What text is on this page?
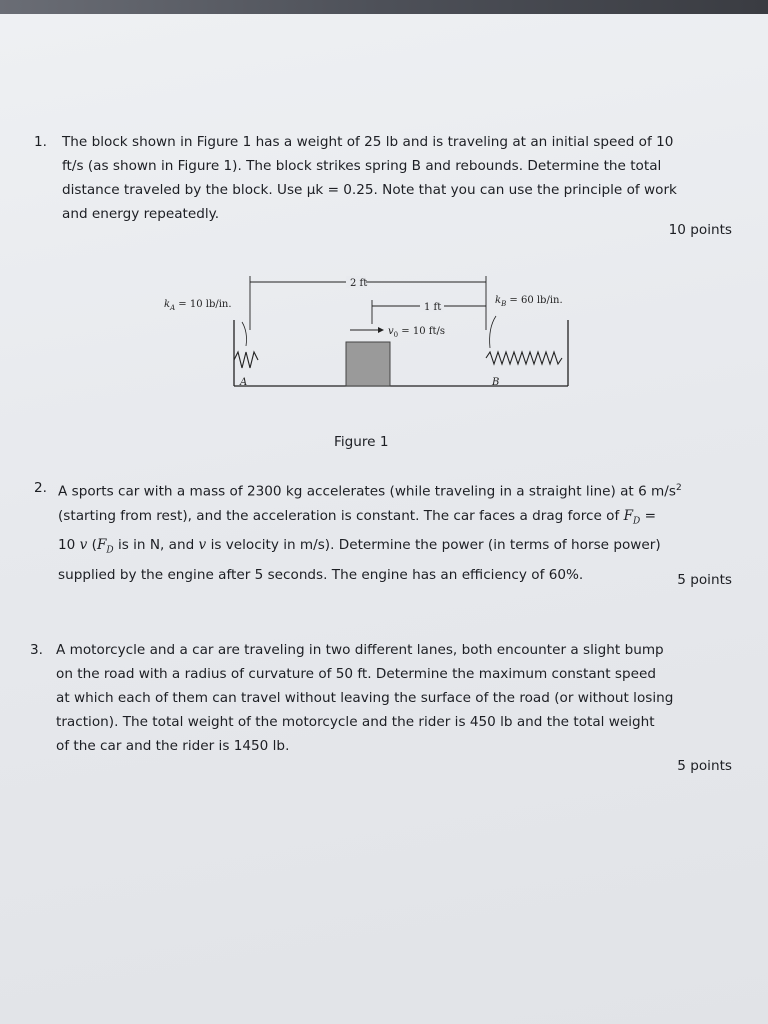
1. The block shown in Figure 1 has a weight of 25 lb and is traveling at an initial speed of 10
ft/s (as shown in Figure 1). The block strikes spring B and rebounds. Determine the total
distance traveled by the block. Use μk = 0.25. Note that you can use the principle of work
and energy repeatedly.
10 points
$k_A = 10$ lb/in.	$k_B = 60$ lb/in.
2 ft
1 ft
$v_0 = 10$ ft/s
A	B
Figure 1
2. A sports car with a mass of 2300 kg accelerates (while traveling in a straight line) at 6 $m/s^2$
(starting from rest), and the acceleration is constant. The car faces a drag force of $F_D$ =
10 v ($F_D$ is in N, and v is velocity in m/s). Determine the power (in terms of horse power)
supplied by the engine after 5 seconds. The engine has an efficiency of 60%.	5 points
3. A motorcycle and a car are traveling in two different lanes, both encounter a slight bump
on the road with a radius of curvature of 50 ft. Determine the maximum constant speed
at which each of them can travel without leaving the surface of the road (or without losing
traction). The total weight of the motorcycle and the rider is 450 lb and the total weight
of the car and the rider is 1450 lb.
5 points
